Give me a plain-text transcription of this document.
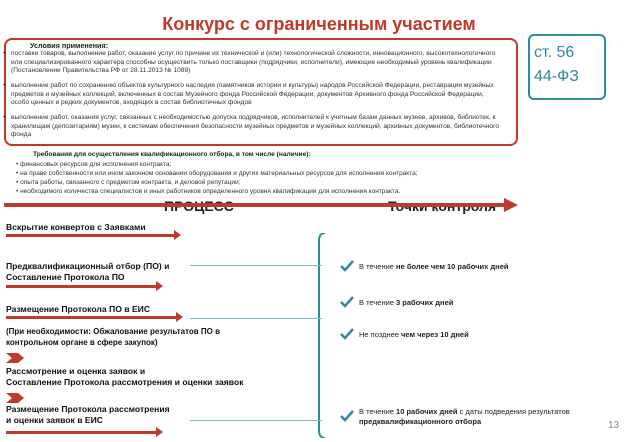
Конкурс с ограниченным участием
Условия применения:
• поставки товаров, выполнение работ, оказание услуг по причине их технической и (или) технологической сложности, инновационного, высокотехнологичного или специализированного характера способны осуществить только поставщики (подрядчики, исполнители), имеющие необходимый уровень квалификации (Постановление Правительства РФ от 28.11.2013 № 1089)
• выполнение работ по сохранению объектов культурного наследия (памятников истории и культуры) народов Российской Федерации, реставрации музейных предметов и музейных коллекций, включенных в состав Музейного фонда Российской Федерации, документов Архивного фонда Российской Федерации, особо ценных и редких документов, входящих в состав библиотечных фондов
• выполнение работ, оказания услуг, связанных с необходимостью допуска подрядчиков, исполнителей к учетным базам данных музеев, архивов, библиотек, к хранилищам (депозитариям) музеи, к системам обеспечения безопасности музейных предметов и музейных коллекций, архивных документов, библиотечного фонда
ст. 56
44-ФЗ
Требования для осуществления квалификационного отбора, в том числе (наличие):
• финансовых ресурсов для исполнения контракта;
• на праве собственности или ином законном основании оборудования и других материальных ресурсов для исполнения контракта;
• опыта работы, связанного с предметом контракта, и деловой репутации;
• необходимого количества специалистов и иных работников определенного уровня квалификации для исполнения контракта.
Вскрытие конвертов с Заявками
Предквалификационный отбор (ПО) и
Составление Протокола ПО
Размещение Протокола ПО в ЕИС
(При необходимости: Обжалование результатов ПО в
контрольном органе в сфере закупок)
Рассмотрение и оценка заявок и
Составление Протокола рассмотрения и оценки заявок
Размещение Протокола рассмотрения
и оценки заявок в ЕИС
В течение не более чем 10 рабочих дней
В течение 3 рабочих дней
Не позднее чем через 10 дней
В течение 10 рабочих дней с даты подведения результатов
предквалификационного отбора	13
